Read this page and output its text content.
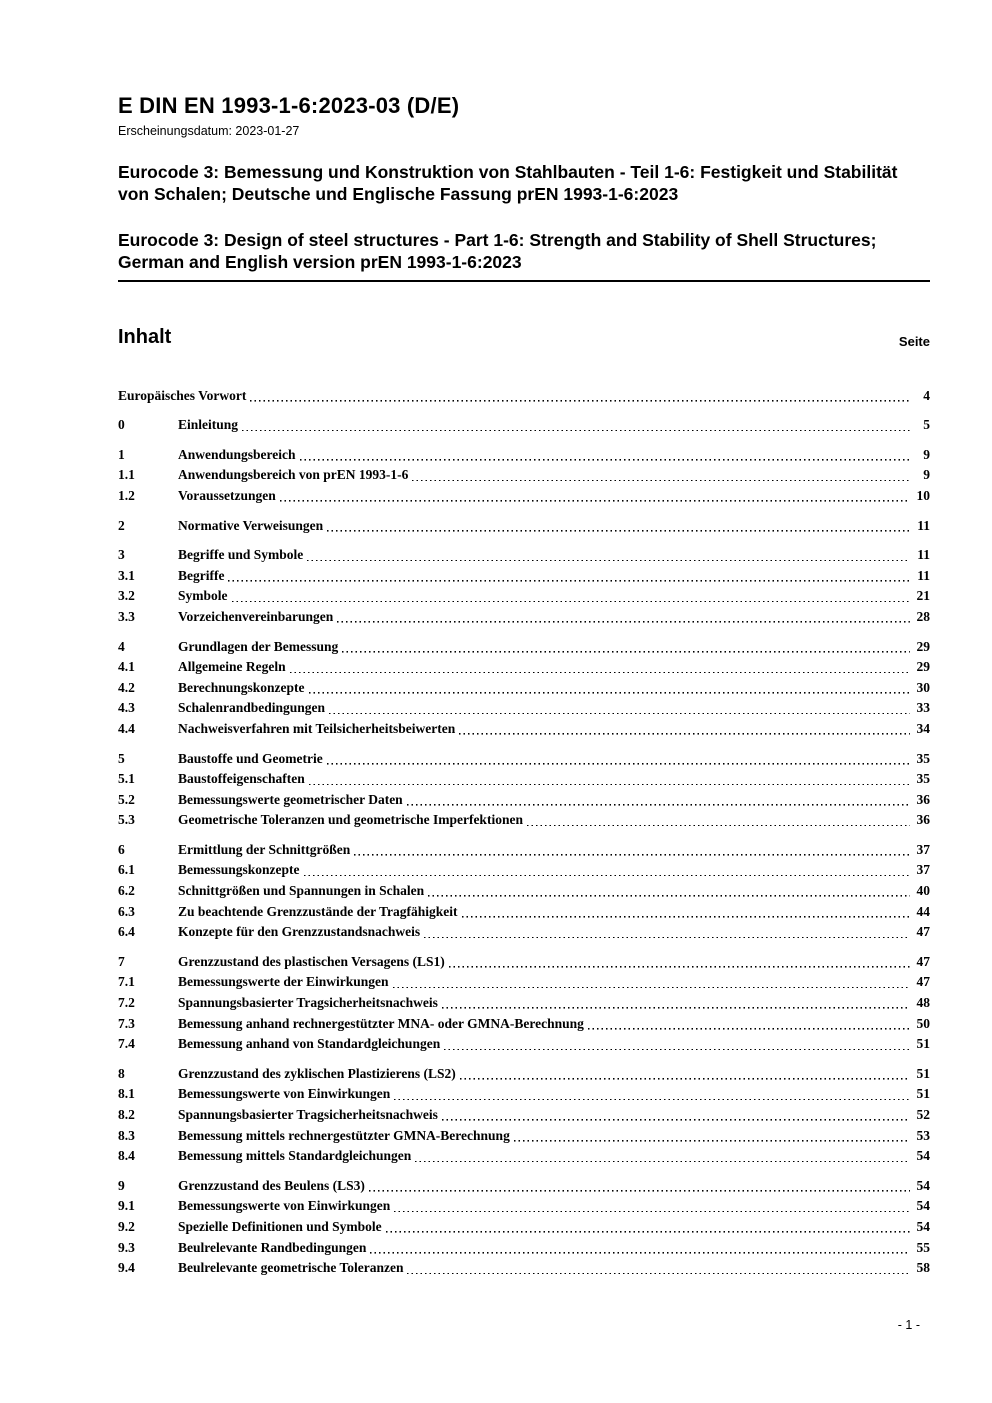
E DIN EN 1993-1-6:2023-03 (D/E)
Erscheinungsdatum: 2023-01-27
Eurocode 3: Bemessung und Konstruktion von Stahlbauten - Teil 1-6: Festigkeit und Stabilität von Schalen; Deutsche und Englische Fassung prEN 1993-1-6:2023
Eurocode 3: Design of steel structures - Part 1-6: Strength and Stability of Shell Structures; German and English version prEN 1993-1-6:2023
Inhalt	Seite
Europäisches Vorwort	4
0	Einleitung	5
1	Anwendungsbereich	9
1.1	Anwendungsbereich von prEN 1993-1-6	9
1.2	Voraussetzungen	10
2	Normative Verweisungen	11
3	Begriffe und Symbole	11
3.1	Begriffe	11
3.2	Symbole	21
3.3	Vorzeichenvereinbarungen	28
4	Grundlagen der Bemessung	29
4.1	Allgemeine Regeln	29
4.2	Berechnungskonzepte	30
4.3	Schalenrandbedingungen	33
4.4	Nachweisverfahren mit Teilsicherheitsbeiwerten	34
5	Baustoffe und Geometrie	35
5.1	Baustoffeigenschaften	35
5.2	Bemessungswerte geometrischer Daten	36
5.3	Geometrische Toleranzen und geometrische Imperfektionen	36
6	Ermittlung der Schnittgrößen	37
6.1	Bemessungskonzepte	37
6.2	Schnittgrößen und Spannungen in Schalen	40
6.3	Zu beachtende Grenzzustände der Tragfähigkeit	44
6.4	Konzepte für den Grenzzustandsnachweis	47
7	Grenzzustand des plastischen Versagens (LS1)	47
7.1	Bemessungswerte der Einwirkungen	47
7.2	Spannungsbasierter Tragsicherheitsnachweis	48
7.3	Bemessung anhand rechnergestützter MNA- oder GMNA-Berechnung	50
7.4	Bemessung anhand von Standardgleichungen	51
8	Grenzzustand des zyklischen Plastizierens (LS2)	51
8.1	Bemessungswerte von Einwirkungen	51
8.2	Spannungsbasierter Tragsicherheitsnachweis	52
8.3	Bemessung mittels rechnergestützter GMNA-Berechnung	53
8.4	Bemessung mittels Standardgleichungen	54
9	Grenzzustand des Beulens (LS3)	54
9.1	Bemessungswerte von Einwirkungen	54
9.2	Spezielle Definitionen und Symbole	54
9.3	Beulrelevante Randbedingungen	55
9.4	Beulrelevante geometrische Toleranzen	58
- 1 -
